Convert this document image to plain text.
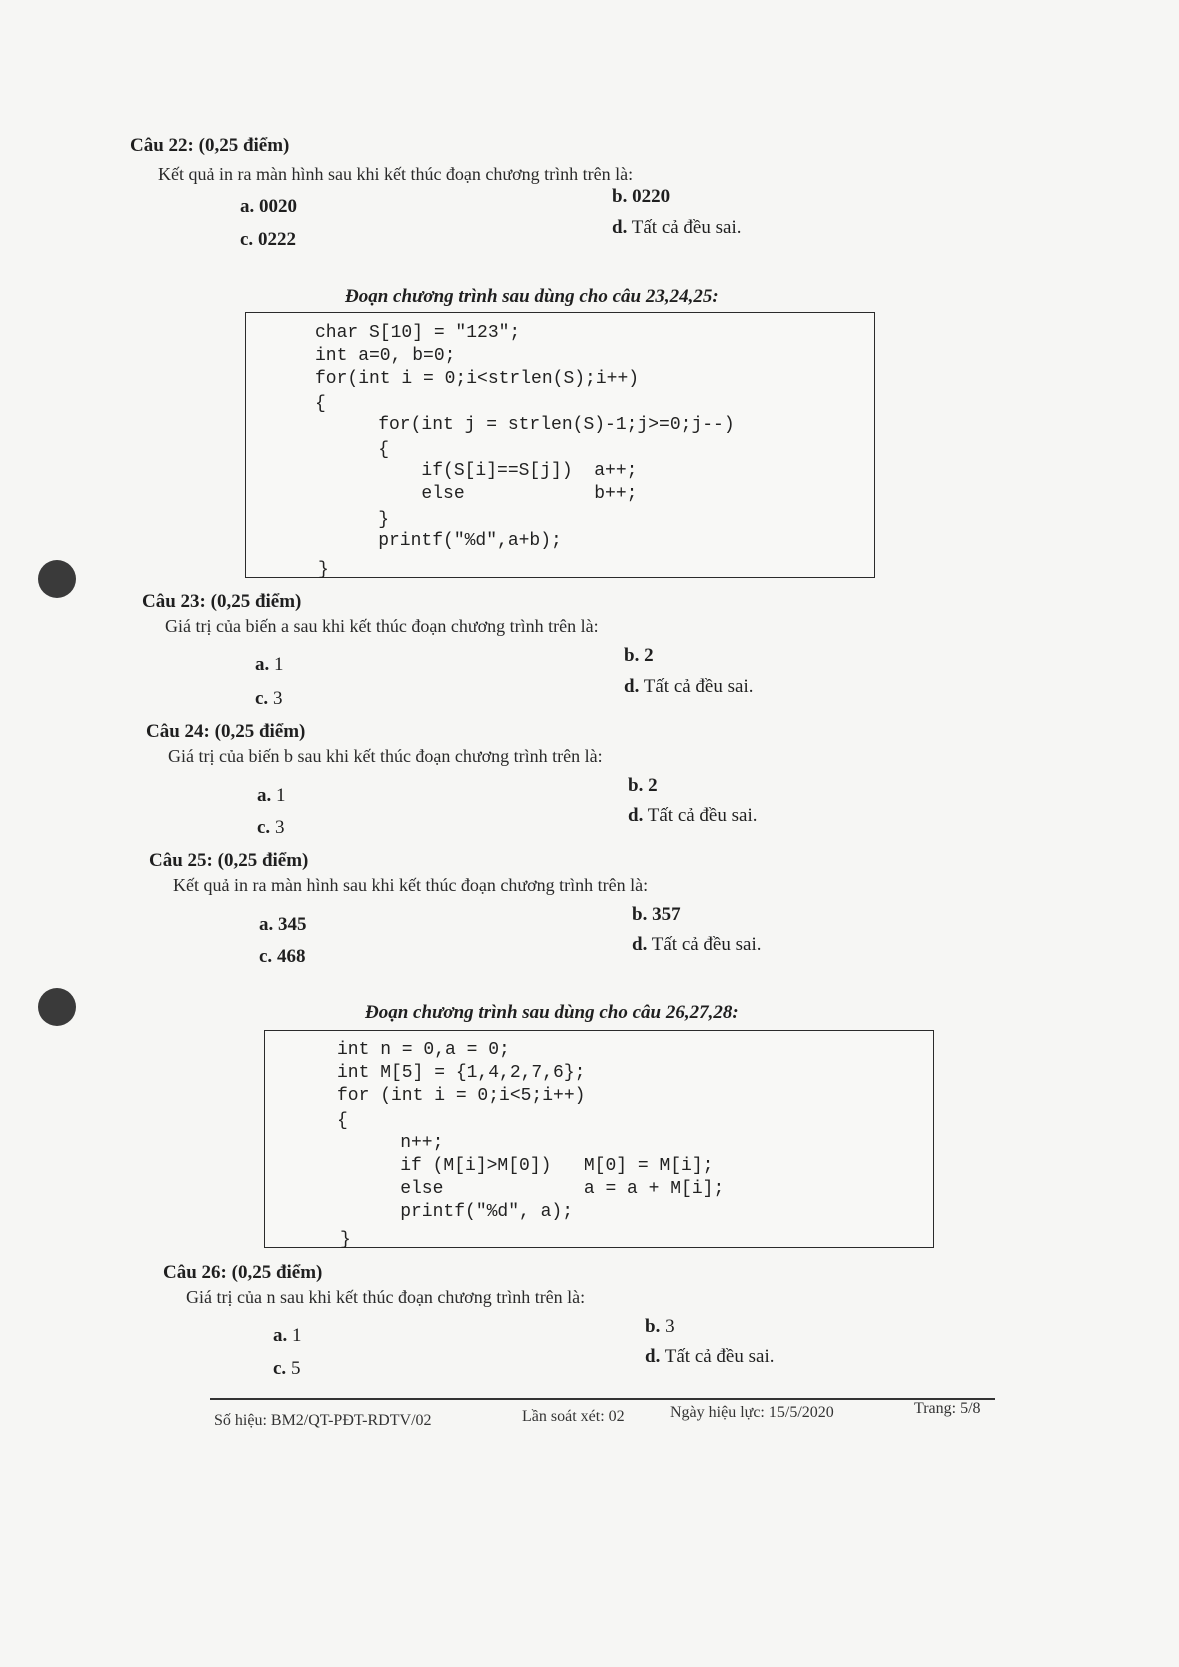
Câu 22: (0,25 điểm)
Kết quả in ra màn hình sau khi kết thúc đoạn chương trình trên là:
a. 0020	b. 0220
c. 0222
d. Tất cả đều sai.
Đoạn chương trình sau dùng cho câu 23,24,25:
char S[10] = "123";
int a=0, b=0;
for(int i = 0;i<strlen(S);i++)
{
for(int j = strlen(S)-1;j>=0;j--)
{
if(S[i]==S[j])  a++;
else            b++;
}
printf("%d",a+b);
}
Câu 23: (0,25 điểm)
Giá trị của biến a sau khi kết thúc đoạn chương trình trên là:
a. 1	b. 2
c. 3
d. Tất cả đều sai.
Câu 24: (0,25 điểm)
Giá trị của biến b sau khi kết thúc đoạn chương trình trên là:
a. 1	b. 2
c. 3
d. Tất cả đều sai.
Câu 25: (0,25 điểm)
Kết quả in ra màn hình sau khi kết thúc đoạn chương trình trên là:
a. 345	b. 357
c. 468
d. Tất cả đều sai.
Đoạn chương trình sau dùng cho câu 26,27,28:
int n = 0,a = 0;
int M[5] = {1,4,2,7,6};
for (int i = 0;i<5;i++)
{
n++;
if (M[i]>M[0])   M[0] = M[i];
else             a = a + M[i];
printf("%d", a);
}
Câu 26: (0,25 điểm)
Giá trị của n sau khi kết thúc đoạn chương trình trên là:
a. 1	b. 3
c. 5
d. Tất cả đều sai.
Số hiệu: BM2/QT-PĐT-RDTV/02	Lần soát xét: 02	Ngày hiệu lực: 15/5/2020	Trang: 5/8
